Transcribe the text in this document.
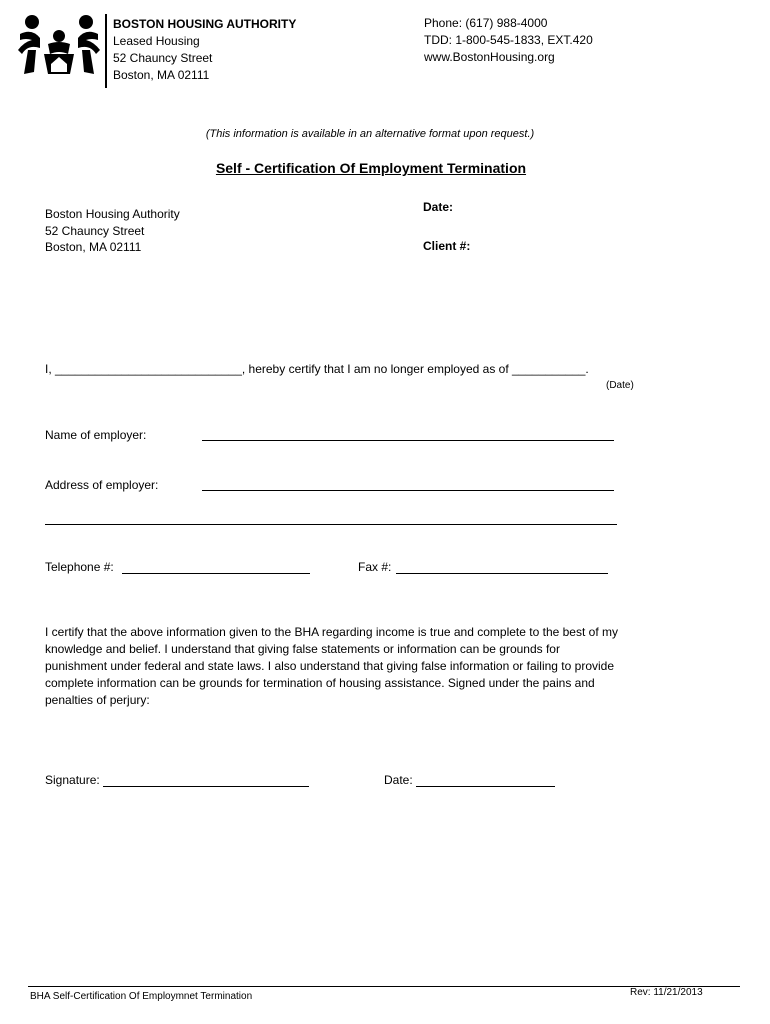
BOSTON HOUSING AUTHORITY
Leased Housing
52 Chauncy Street
Boston, MA 02111
Phone: (617) 988-4000
TDD: 1-800-545-1833, EXT.420
www.BostonHousing.org
(This information is available in an alternative format upon request.)
Self - Certification Of Employment Termination
Boston Housing Authority
52 Chauncy Street
Boston, MA 02111
Date:
Client #:
I, ____________________________, hereby certify that I am no longer employed as of ___________.
(Date)
Name of employer:
Address of employer:
Telephone #:	Fax #:
I certify that the above information given to the BHA regarding income is true and complete to the best of my knowledge and belief. I understand that giving false statements or information can be grounds for punishment under federal and state laws. I also understand that giving false information or failing to provide complete information can be grounds for termination of housing assistance. Signed under the pains and penalties of perjury:
Signature:	Date:
BHA Self-Certification Of Employmnet Termination	Rev: 11/21/2013
